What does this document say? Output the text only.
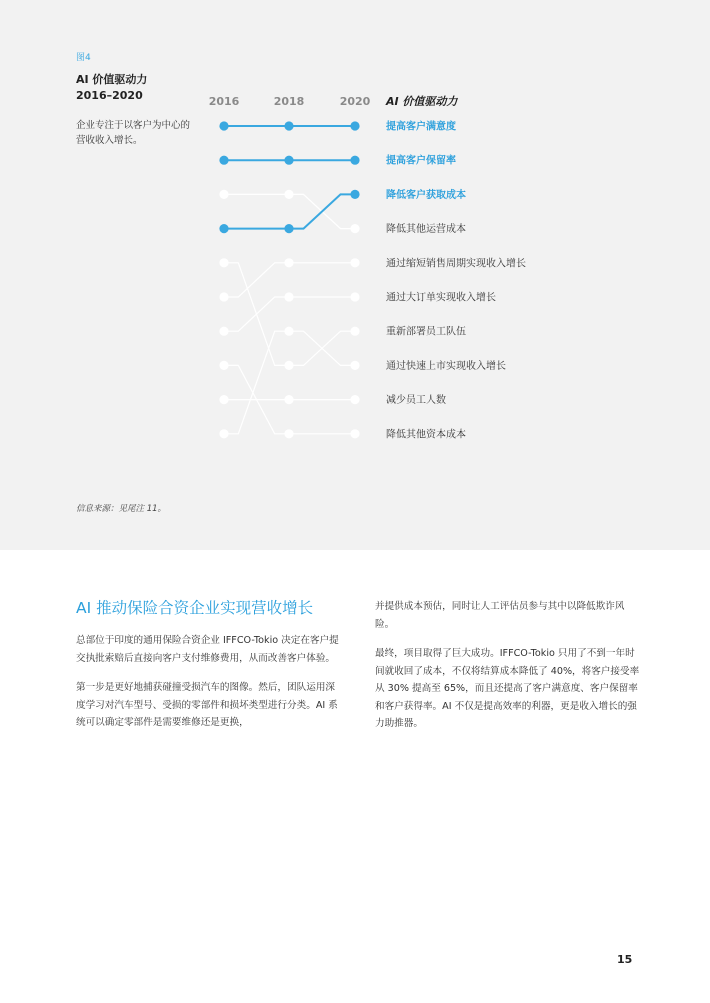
图4
AI 价值驱动力
2016–2020
企业专注于以客户为中心的营收收入增长。
2016	2018	2020 AI 价值驱动力
提高客户满意度
提高客户保留率
降低客户获取成本
降低其他运营成本
通过缩短销售周期实现收入增长
通过大订单实现收入增长
重新部署员工队伍
通过快速上市实现收入增长
减少员工人数
降低其他资本成本
信息来源：见尾注 11。
AI 推动保险合资企业实现营收增长

总部位于印度的通用保险合资企业 IFFCO-Tokio 决定在客户提交执批索赔后直接向客户支付维修费用，从而改善客户体验。

第一步是更好地捕获碰撞受损汽车的图像。然后，团队运用深度学习对汽车型号、受损的零部件和损坏类型进行分类。AI 系统可以确定零部件是需要维修还是更换，

并提供成本预估，同时让人工评估员参与其中以降低欺诈风险。

最终，项目取得了巨大成功。IFFCO-Tokio 只用了不到一年时间就收回了成本，不仅将结算成本降低了 40%，将客户接受率从 30% 提高至 65%，而且还提高了客户满意度、客户保留率和客户获得率。AI 不仅是提高效率的利器，更是收入增长的强力助推器。

15
